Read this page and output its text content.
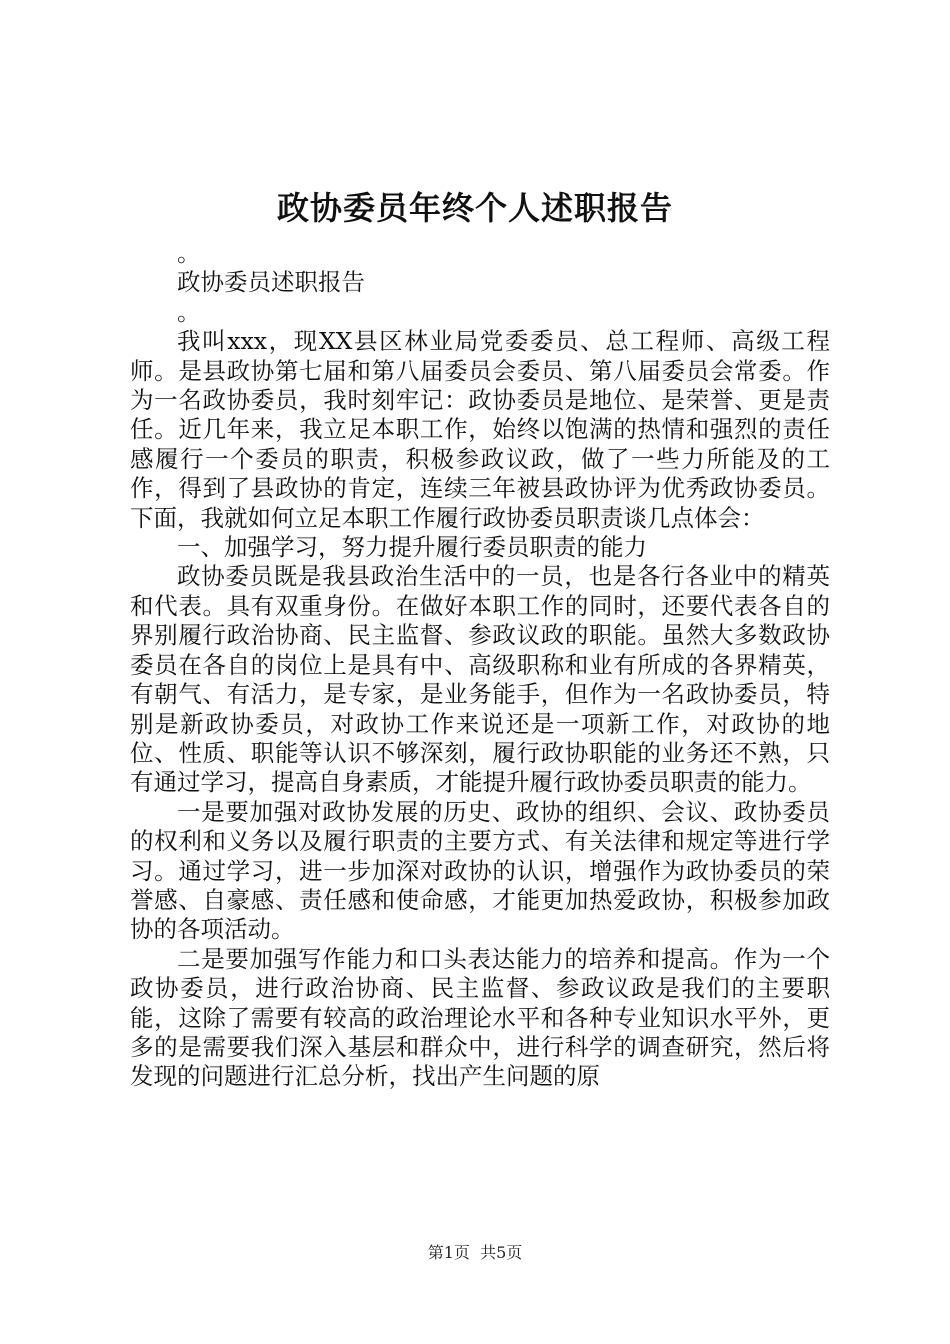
政协委员年终个人述职报告

。

政协委员述职报告

。

我叫xxx，现XX县区林业局党委委员、总工程师、高级工程师。是县政协第七届和第八届委员会委员、第八届委员会常委。作为一名政协委员，我时刻牢记：政协委员是地位、是荣誉、更是责任。近几年来，我立足本职工作，始终以饱满的热情和强烈的责任感履行一个委员的职责，积极参政议政，做了一些力所能及的工作，得到了县政协的肯定，连续三年被县政协评为优秀政协委员。下面，我就如何立足本职工作履行政协委员职责谈几点体会：

一、加强学习，努力提升履行委员职责的能力

政协委员既是我县政治生活中的一员，也是各行各业中的精英和代表。具有双重身份。在做好本职工作的同时，还要代表各自的界别履行政治协商、民主监督、参政议政的职能。虽然大多数政协委员在各自的岗位上是具有中、高级职称和业有所成的各界精英，有朝气、有活力，是专家，是业务能手，但作为一名政协委员，特别是新政协委员，对政协工作来说还是一项新工作，对政协的地位、性质、职能等认识不够深刻，履行政协职能的业务还不熟，只有通过学习，提高自身素质，才能提升履行政协委员职责的能力。

一是要加强对政协发展的历史、政协的组织、会议、政协委员的权利和义务以及履行职责的主要方式、有关法律和规定等进行学习。通过学习，进一步加深对政协的认识，增强作为政协委员的荣誉感、自豪感、责任感和使命感，才能更加热爱政协，积极参加政协的各项活动。

二是要加强写作能力和口头表达能力的培养和提高。作为一个政协委员，进行政治协商、民主监督、参政议政是我们的主要职能，这除了需要有较高的政治理论水平和各种专业知识水平外，更多的是需要我们深入基层和群众中，进行科学的调查研究，然后将发现的问题进行汇总分析，找出产生问题的原

第1页  共5页
